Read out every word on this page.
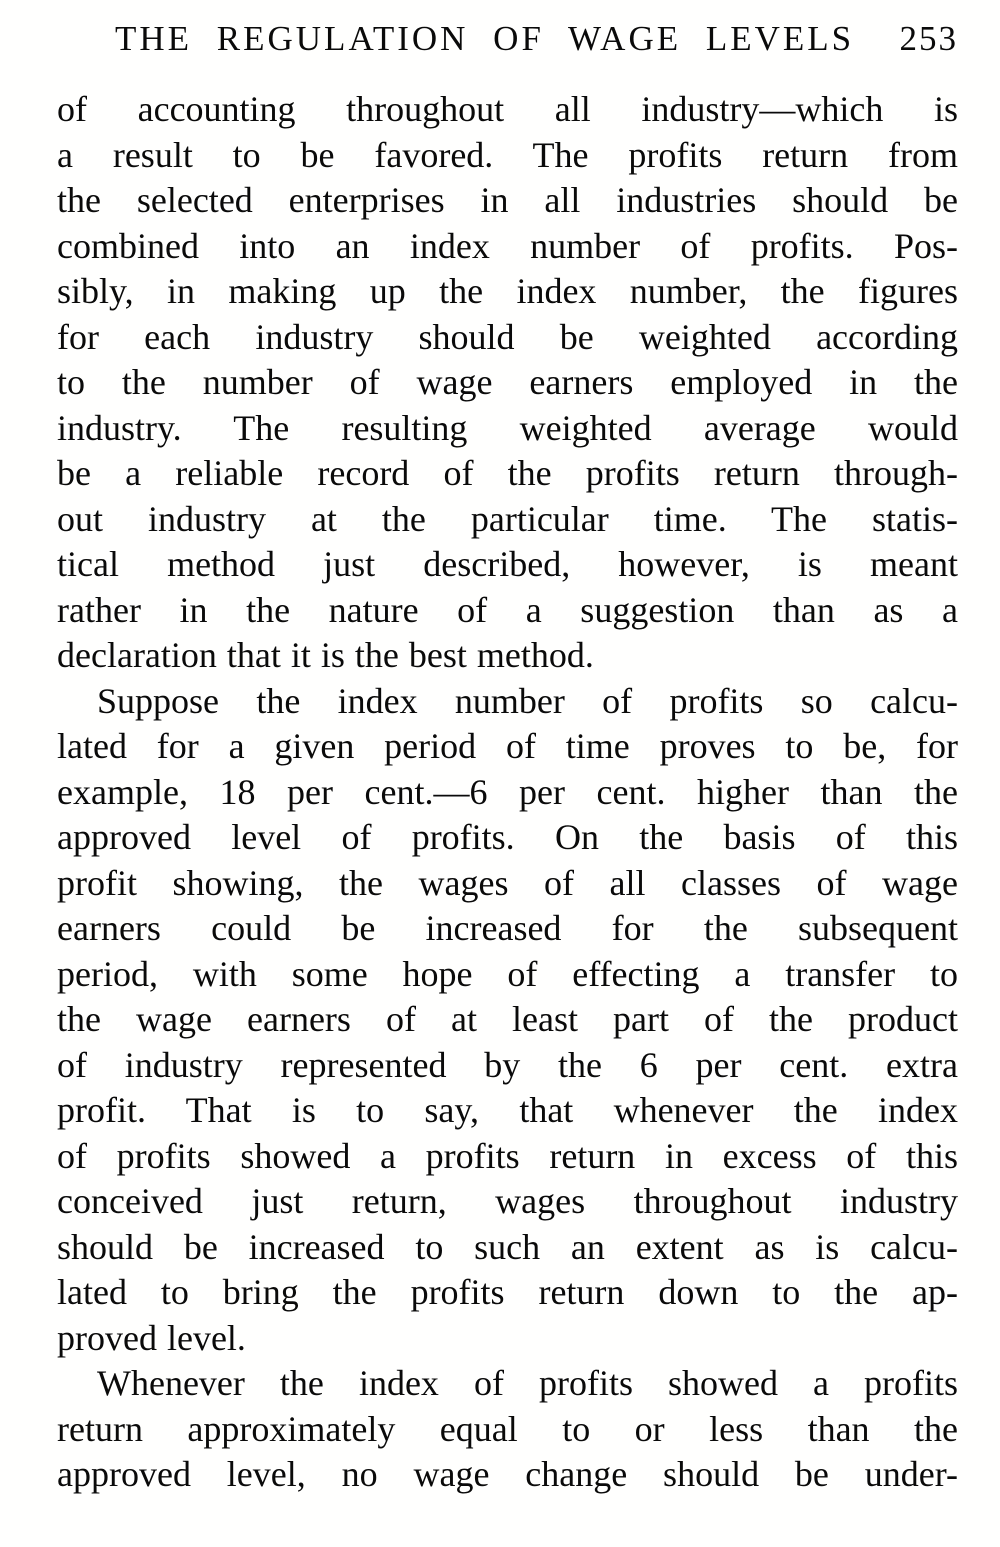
THE REGULATION OF WAGE LEVELS 253
of accounting throughout all industry—which is
a result to be favored. The profits return from
the selected enterprises in all industries should be
combined into an index number of profits. Pos-
sibly, in making up the index number, the figures
for each industry should be weighted according
to the number of wage earners employed in the
industry. The resulting weighted average would
be a reliable record of the profits return through-
out industry at the particular time. The statis-
tical method just described, however, is meant
rather in the nature of a suggestion than as a
declaration that it is the best method.
Suppose the index number of profits so calcu-
lated for a given period of time proves to be, for
example, 18 per cent.—6 per cent. higher than the
approved level of profits. On the basis of this
profit showing, the wages of all classes of wage
earners could be increased for the subsequent
period, with some hope of effecting a transfer to
the wage earners of at least part of the product
of industry represented by the 6 per cent. extra
profit. That is to say, that whenever the index
of profits showed a profits return in excess of this
conceived just return, wages throughout industry
should be increased to such an extent as is calcu-
lated to bring the profits return down to the ap-
proved level.
Whenever the index of profits showed a profits
return approximately equal to or less than the
approved level, no wage change should be under-
